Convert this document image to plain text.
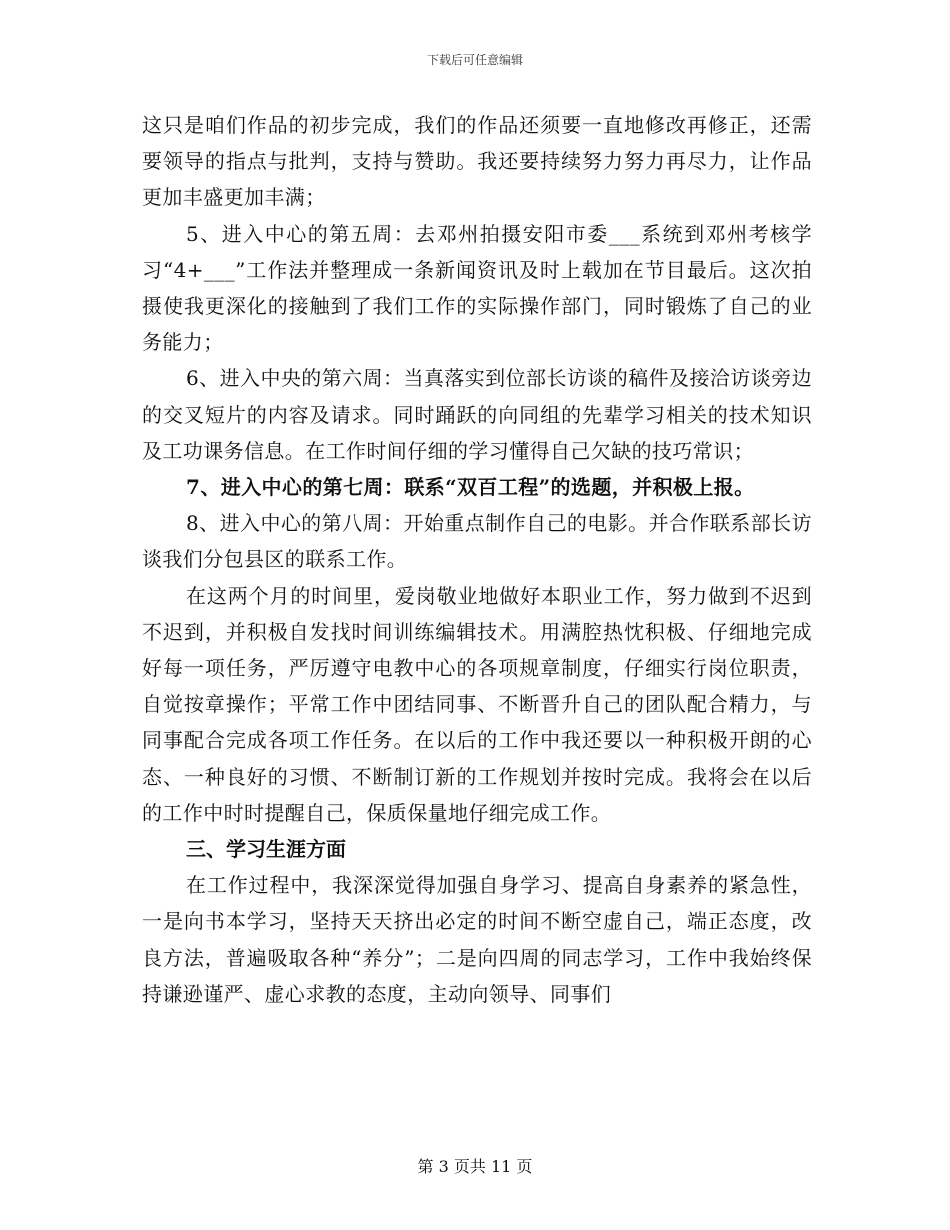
下载后可任意编辑

这只是咱们作品的初步完成，我们的作品还须要一直地修改再修正，还需要领导的指点与批判，支持与赞助。我还要持续努力努力再尽力，让作品更加丰盛更加丰满；

5、进入中心的第五周：去邓州拍摄安阳市委___系统到邓州考核学习“4+___”工作法并整理成一条新闻资讯及时上载加在节目最后。这次拍摄使我更深化的接触到了我们工作的实际操作部门，同时锻炼了自己的业务能力；

6、进入中央的第六周：当真落实到位部长访谈的稿件及接洽访谈旁边的交叉短片的内容及请求。同时踊跃的向同组的先辈学习相关的技术知识及工功课务信息。在工作时间仔细的学习懂得自己欠缺的技巧常识；

7、进入中心的第七周：联系“双百工程”的选题，并积极上报。

8、进入中心的第八周：开始重点制作自己的电影。并合作联系部长访谈我们分包县区的联系工作。

在这两个月的时间里，爱岗敬业地做好本职业工作，努力做到不迟到不迟到，并积极自发找时间训练编辑技术。用满腔热忱积极、仔细地完成好每一项任务，严厉遵守电教中心的各项规章制度，仔细实行岗位职责，自觉按章操作；平常工作中团结同事、不断晋升自己的团队配合精力，与同事配合完成各项工作任务。在以后的工作中我还要以一种积极开朗的心态、一种良好的习惯、不断制订新的工作规划并按时完成。我将会在以后的工作中时时提醒自己，保质保量地仔细完成工作。

三、学习生涯方面

在工作过程中，我深深觉得加强自身学习、提高自身素养的紧急性，一是向书本学习，坚持天天挤出必定的时间不断空虚自己，端正态度，改良方法，普遍吸取各种“养分”；二是向四周的同志学习，工作中我始终保持谦逊谨严、虚心求教的态度，主动向领导、同事们

第 3 页共 11 页
